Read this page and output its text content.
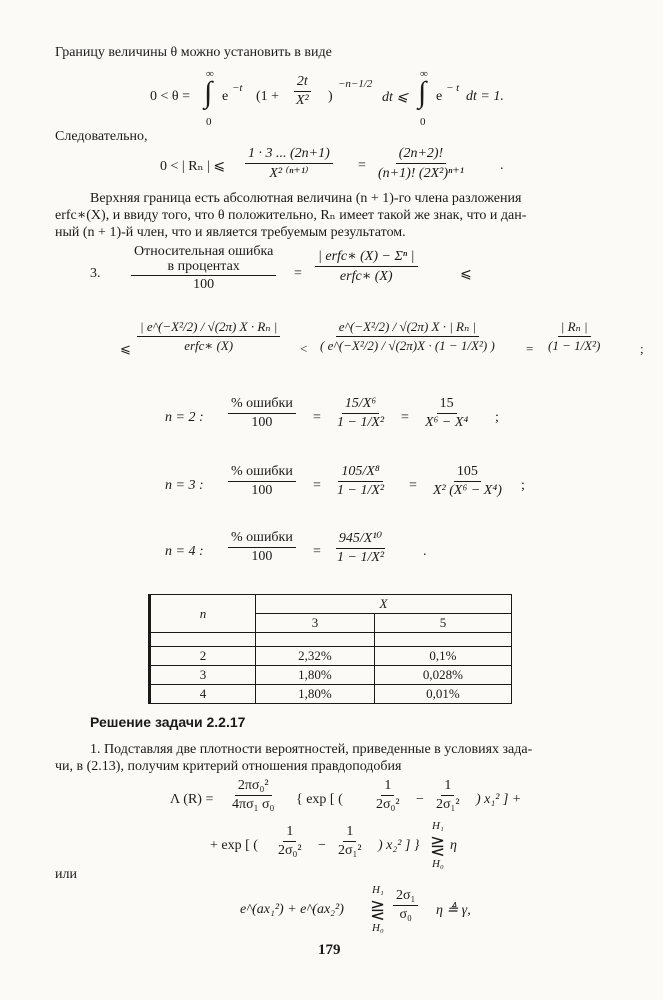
Границу величины θ можно установить в виде
0 < θ = ∫
∞
0
e
−t
($1 + \frac{2t}{\text{X²}}$ )
−n−1/2
dt ⩽ ∫
∞
0
e
− t
dt = 1.
Следовательно,
0 < | Rₙ | ⩽ $\frac{1 \cdot 3 ... (2n+1)}{\text{X² ⁽ⁿ⁺¹⁾}} = \frac{(2n+2)!}{\text{(n+1)! (2X²)ⁿ⁺¹}}$ .
Верхняя граница есть абсолютная величина (n + 1)-го члена разложения
erfc∗(X), и ввиду того, что θ положительно, Rₙ имеет такой же знак, что и дан-
ный (n + 1)-й член, что и является требуемым результатом.
3.
Относительная ошибка
в процентах
100
=
| erfc∗ (X) − Σⁿ |
erfc∗ (X)	⩽
⩽
| e^(−X²/2) / √(2π) X · Rₙ |
erfc∗ (X)	< $\frac{\text{e\textasciicircum{}(−X²/2) / √(2π) X · | Rₙ |}}{\text{( e\textasciicircum{}(−X²/2) / √(2π)X · (1 − 1/X²) )}} = \frac{\text{| Rₙ |}}{\text{(1 − 1/X²)}}$	;
n = 2 :
% ошибки
100	= $\frac{\text{15/X⁶}}{\text{1 − 1/X²}} = \frac{15}{\text{X⁶ − X⁴}}$ ;
n = 3 :
% ошибки
100	= $\frac{\text{105/X⁸}}{\text{1 − 1/X²}} = \frac{105}{\text{X² (X⁶ − X⁴)}}$ ;
n = 4 :
% ошибки
100	= $\frac{\text{945/X¹⁰}}{\text{1 − 1/X²}}$	.
n	X	
	3	5

2	2,32%	0,1%
3	1,80%	0,028%
4	1,80%	0,01%
Решение задачи 2.2.17
1. Подставляя две плотности вероятностей, приведенные в условиях зада-
чи, в (2.13), получим критерий отношения правдоподобия
Λ $(R) = \frac{\text{2πσ₀²}}{\text{4πσ₁ σ₀}}$ { exp [ ( $\frac{1}{\text{2σ₀²}} - \frac{1}{\text{2σ₁²}}$ ) x₁² ] +
+ exp [ ( $\frac{1}{\text{2σ₀²}} - \frac{1}{\text{2σ₁²}}$ ) x₂² ] }
H₁
⋛
H₀
η
или
e^(ax₁²) + e^(ax₂²)
H₁
⋛
H₀
$\frac{\text{2σ₁}}{\text{σ₀}}$ η ≜ γ,
179
